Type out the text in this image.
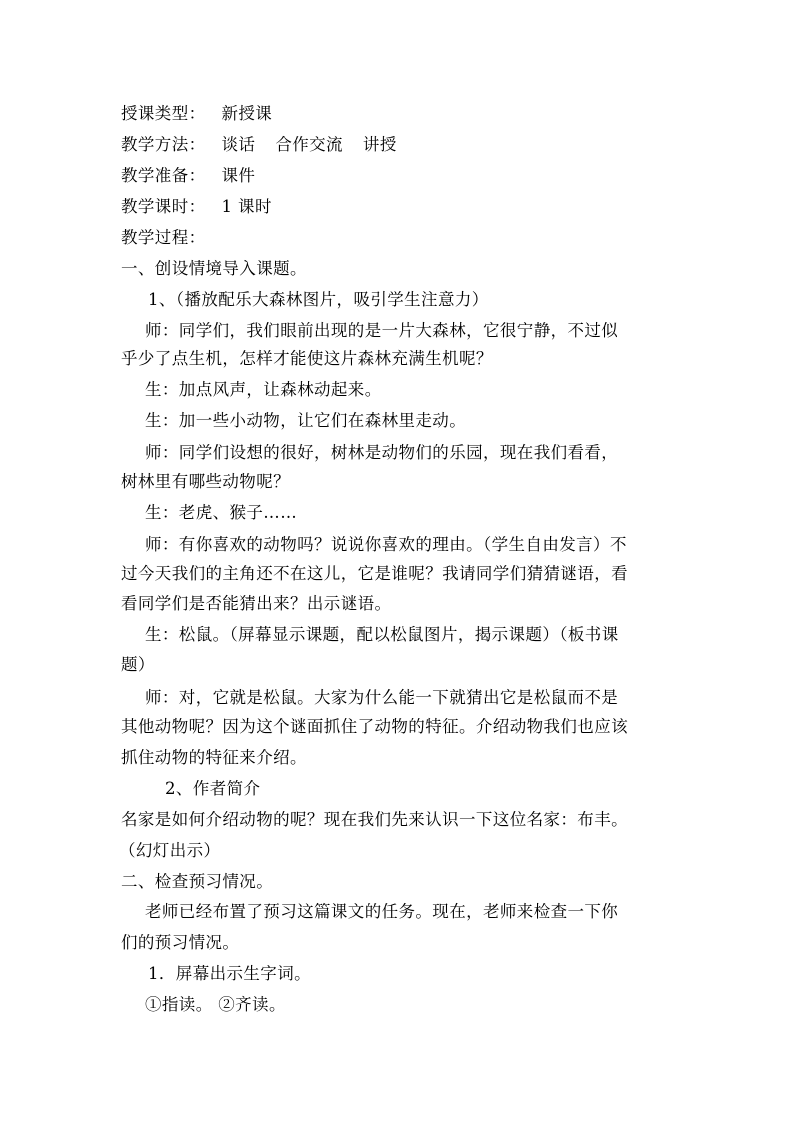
授课类型： 新授课
教学方法： 谈话 合作交流 讲授
教学准备： 课件
教学课时： 1 课时
教学过程：
一、创设情境导入课题。
1、（播放配乐大森林图片，吸引学生注意力）
师：同学们，我们眼前出现的是一片大森林，它很宁静，不过似
乎少了点生机，怎样才能使这片森林充满生机呢？
生：加点风声，让森林动起来。
生：加一些小动物，让它们在森林里走动。
师：同学们设想的很好，树林是动物们的乐园，现在我们看看，
树林里有哪些动物呢？
生：老虎、猴子……
师：有你喜欢的动物吗？说说你喜欢的理由。（学生自由发言）不
过今天我们的主角还不在这儿，它是谁呢？我请同学们猜猜谜语，看
看同学们是否能猜出来？出示谜语。
生：松鼠。（屏幕显示课题，配以松鼠图片，揭示课题）（板书课
题）
师：对，它就是松鼠。大家为什么能一下就猜出它是松鼠而不是
其他动物呢？因为这个谜面抓住了动物的特征。介绍动物我们也应该
抓住动物的特征来介绍。
2、作者简介
名家是如何介绍动物的呢？现在我们先来认识一下这位名家：布丰。
（幻灯出示）
二、检查预习情况。
老师已经布置了预习这篇课文的任务。现在，老师来检查一下你
们的预习情况。
1．屏幕出示生字词。
①指读。 ②齐读。
